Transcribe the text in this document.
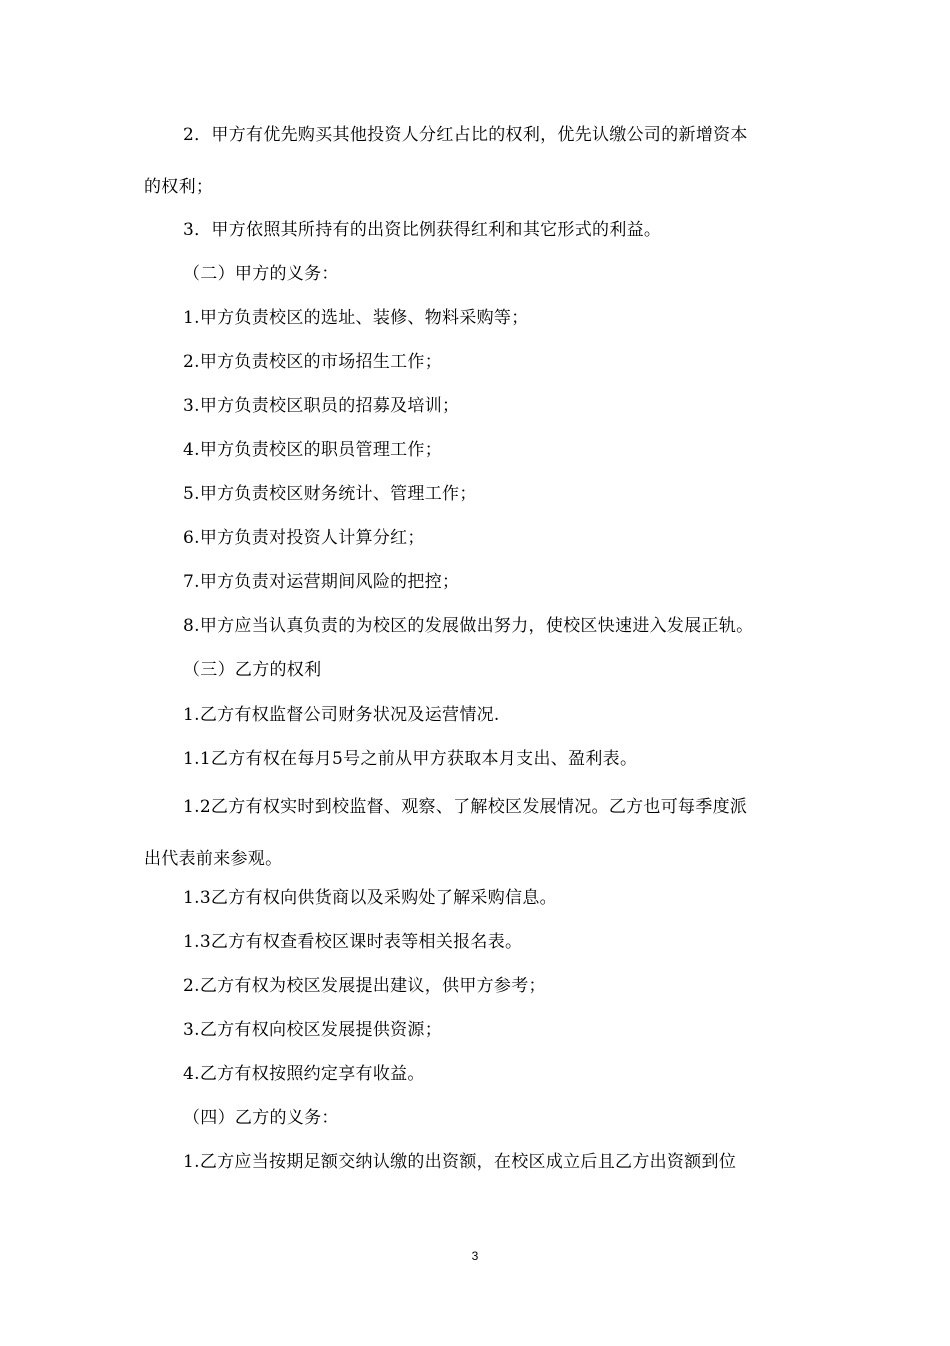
2．甲方有优先购买其他投资人分红占比的权利，优先认缴公司的新增资本
的权利；
3．甲方依照其所持有的出资比例获得红利和其它形式的利益。
（二）甲方的义务：
1.甲方负责校区的选址、装修、物料采购等；
2.甲方负责校区的市场招生工作；
3.甲方负责校区职员的招募及培训；
4.甲方负责校区的职员管理工作；
5.甲方负责校区财务统计、管理工作；
6.甲方负责对投资人计算分红；
7.甲方负责对运营期间风险的把控；
8.甲方应当认真负责的为校区的发展做出努力，使校区快速进入发展正轨。
（三）乙方的权利
1.乙方有权监督公司财务状况及运营情况.
1.1乙方有权在每月5号之前从甲方获取本月支出、盈利表。
1.2乙方有权实时到校监督、观察、了解校区发展情况。乙方也可每季度派
出代表前来参观。
1.3乙方有权向供货商以及采购处了解采购信息。
1.3乙方有权查看校区课时表等相关报名表。
2.乙方有权为校区发展提出建议，供甲方参考；
3.乙方有权向校区发展提供资源；
4.乙方有权按照约定享有收益。
（四）乙方的义务：
1.乙方应当按期足额交纳认缴的出资额，在校区成立后且乙方出资额到位
3
